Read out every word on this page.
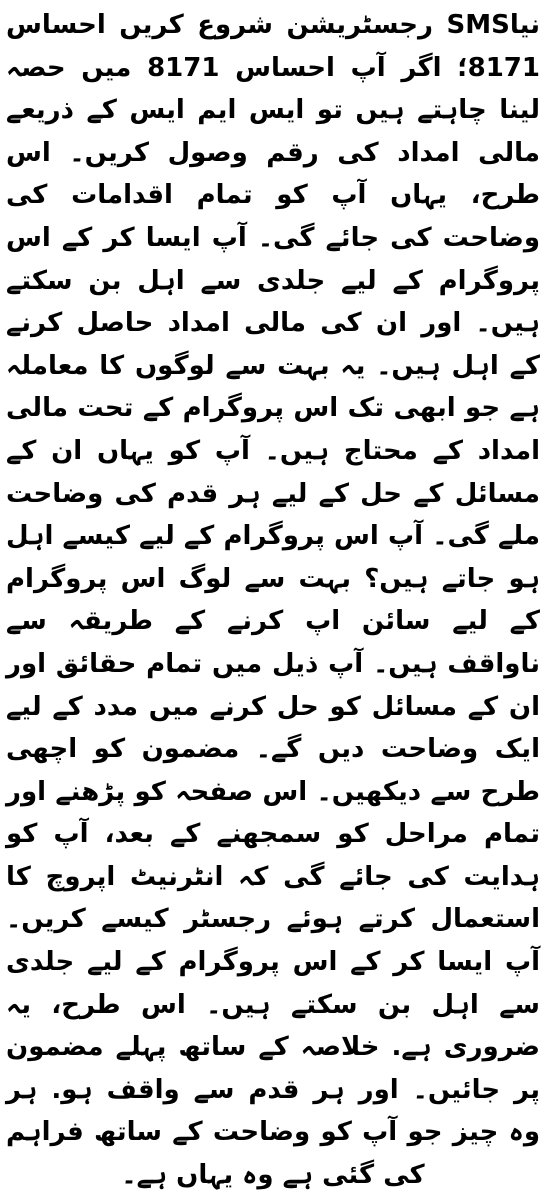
نیاSMS رجسٹریشن شروع کریں احساس 8171؛ اگر آپ احساس 8171 میں حصہ لینا چاہتے ہیں تو ایس ایم ایس کے ذریعے مالی امداد کی رقم وصول کریں۔ اس طرح، یہاں آپ کو تمام اقدامات کی وضاحت کی جائے گی۔ آپ ایسا کر کے اس پروگرام کے لیے جلدی سے اہل بن سکتے ہیں۔ اور ان کی مالی امداد حاصل کرنے کے اہل ہیں۔ یہ بہت سے لوگوں کا معاملہ ہے جو ابھی تک اس پروگرام کے تحت مالی امداد کے محتاج ہیں۔ آپ کو یہاں ان کے مسائل کے حل کے لیے ہر قدم کی وضاحت ملے گی۔ آپ اس پروگرام کے لیے کیسے اہل ہو جاتے ہیں؟ بہت سے لوگ اس پروگرام کے لیے سائن اپ کرنے کے طریقہ سے ناواقف ہیں۔ آپ ذیل میں تمام حقائق اور ان کے مسائل کو حل کرنے میں مدد کے لیے ایک وضاحت دیں گے۔ مضمون کو اچھی طرح سے دیکھیں۔ اس صفحہ کو پڑھنے اور تمام مراحل کو سمجھنے کے بعد، آپ کو ہدایت کی جائے گی کہ انٹرنیٹ اپروچ کا استعمال کرتے ہوئے رجسٹر کیسے کریں۔ آپ ایسا کر کے اس پروگرام کے لیے جلدی سے اہل بن سکتے ہیں۔ اس طرح، یہ ضروری ہے. خلاصہ کے ساتھ پہلے مضمون پر جائیں۔ اور ہر قدم سے واقف ہو. ہر وہ چیز جو آپ کو وضاحت کے ساتھ فراہم کی گئی ہے وہ یہاں ہے۔
